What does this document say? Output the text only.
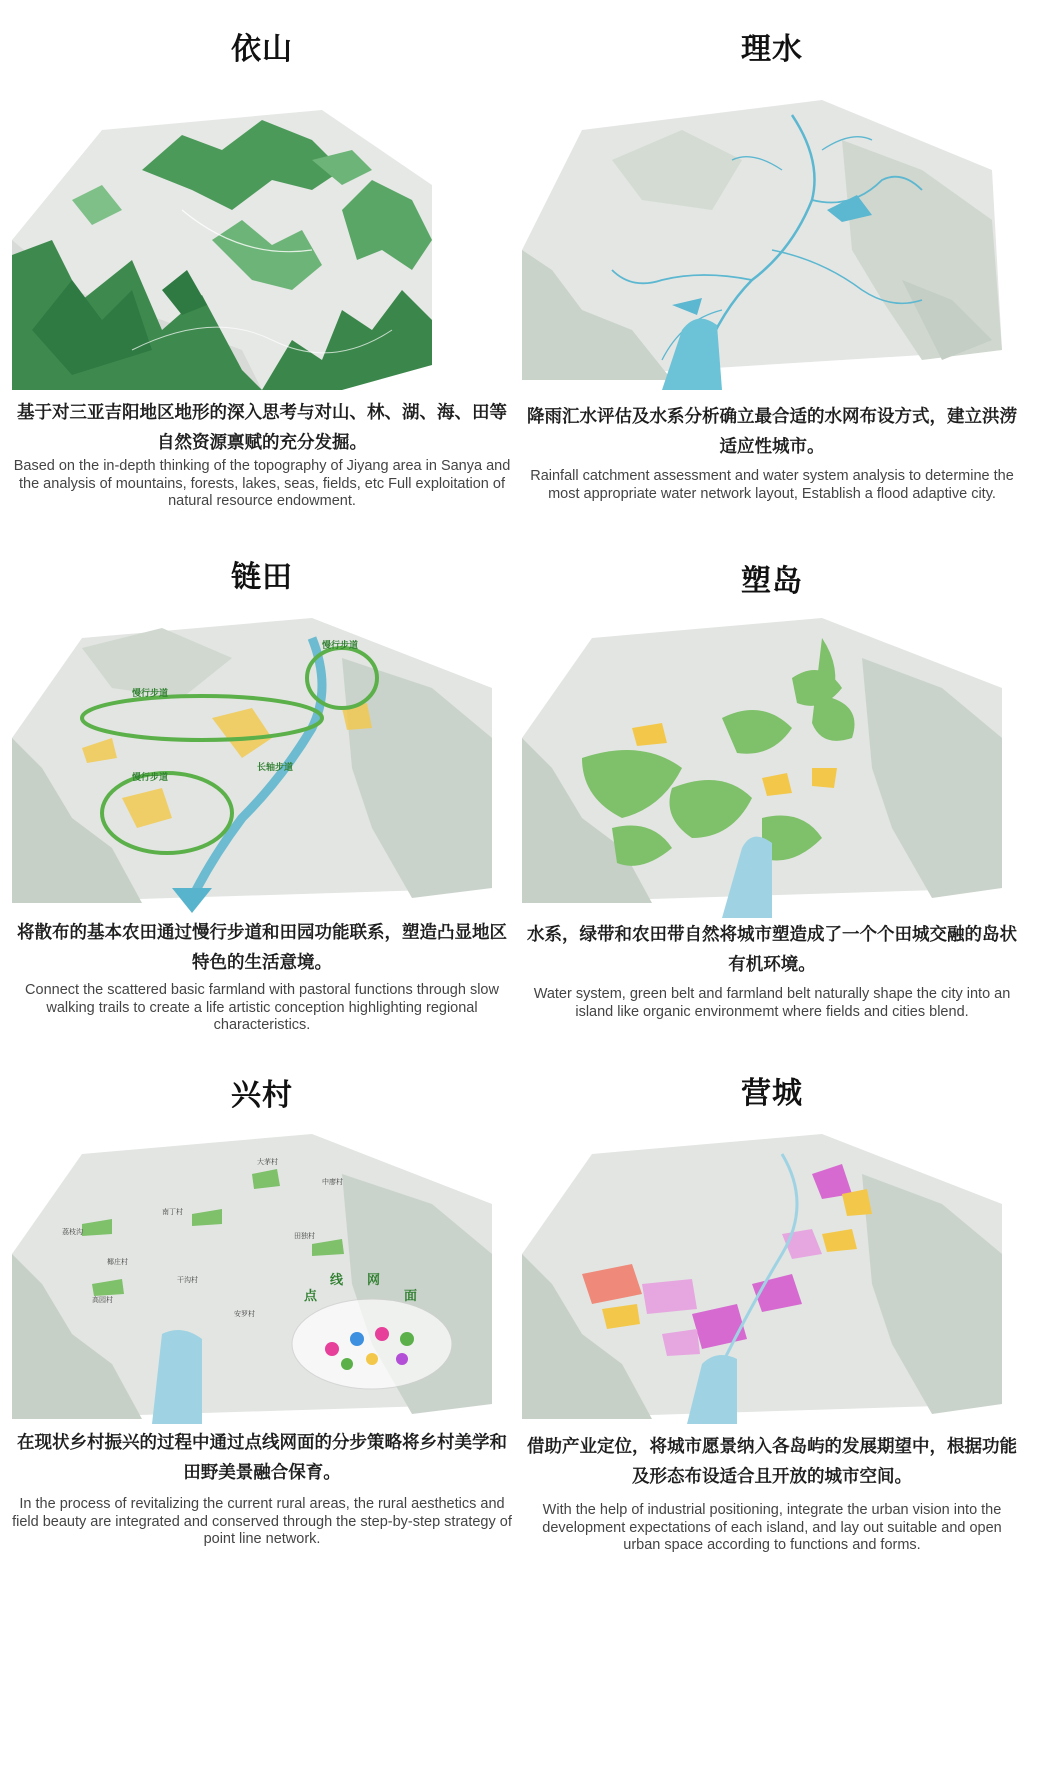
依山
基于对三亚吉阳地区地形的深入思考与对山、林、湖、海、田等自然资源禀赋的充分发掘。
Based on the in-depth thinking of the topography of Jiyang area in Sanya and the analysis of mountains, forests, lakes, seas, fields, etc Full exploitation of natural resource endowment.
理水
降雨汇水评估及水系分析确立最合适的水网布设方式，建立洪涝适应性城市。
Rainfall catchment assessment and water system analysis to determine the most appropriate water network layout, Establish a flood adaptive city.
链田
慢行步道
慢行步道
慢行步道
长轴步道
将散布的基本农田通过慢行步道和田园功能联系，塑造凸显地区特色的生活意境。
Connect the scattered basic farmland with pastoral functions through slow walking trails to create a life artistic conception highlighting regional characteristics.
塑岛
水系，绿带和农田带自然将城市塑造成了一个个田城交融的岛状有机环境。
Water system, green belt and farmland belt naturally shape the city into an island like organic environmemt where fields and cities blend.
兴村
点
线 网
面
大茅村
中廖村
南丁村
田独村
荔枝沟
椰庄村
干沟村
高园村
安罗村
在现状乡村振兴的过程中通过点线网面的分步策略将乡村美学和田野美景融合保育。
In the process of revitalizing the current rural areas, the rural aesthetics and field beauty are integrated and conserved through the step-by-step strategy of point line network.
营城
借助产业定位，将城市愿景纳入各岛屿的发展期望中，根据功能及形态布设适合且开放的城市空间。
With the help of industrial positioning, integrate the urban vision into the development expectations of each island, and lay out suitable and open urban space according to functions and forms.
